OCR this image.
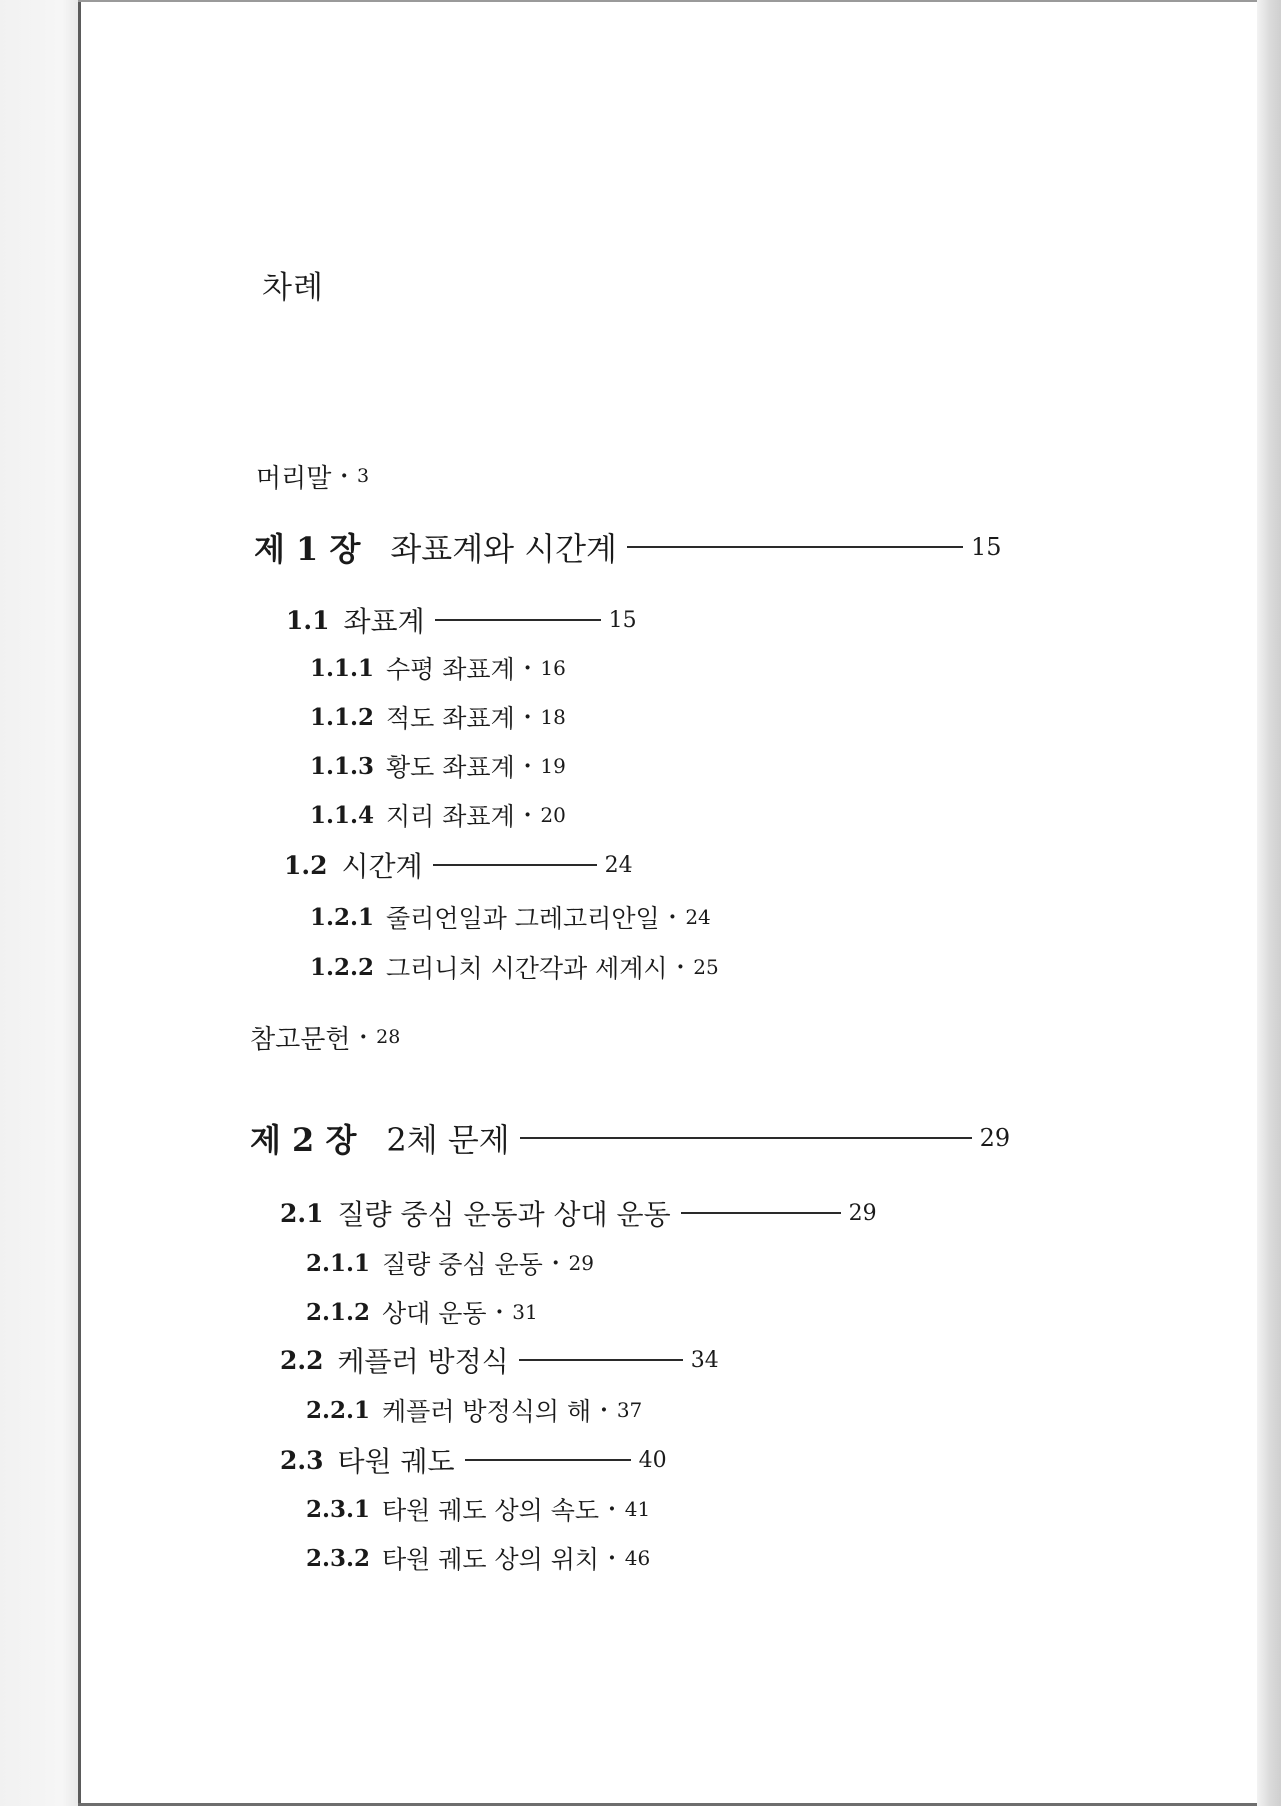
차례
머리말 · 3
제 1 장 좌표계와 시간계	15
1.1 좌표계	15
1.1.1 수평 좌표계 · 16
1.1.2 적도 좌표계 · 18
1.1.3 황도 좌표계 · 19
1.1.4 지리 좌표계 · 20
1.2 시간계	24
1.2.1 줄리언일과 그레고리안일 · 24
1.2.2 그리니치 시간각과 세계시 · 25
참고문헌 · 28
제 2 장 2체 문제	29
2.1 질량 중심 운동과 상대 운동	29
2.1.1 질량 중심 운동 · 29
2.1.2 상대 운동 · 31
2.2 케플러 방정식	34
2.2.1 케플러 방정식의 해 · 37
2.3 타원 궤도	40
2.3.1 타원 궤도 상의 속도 · 41
2.3.2 타원 궤도 상의 위치 · 46
